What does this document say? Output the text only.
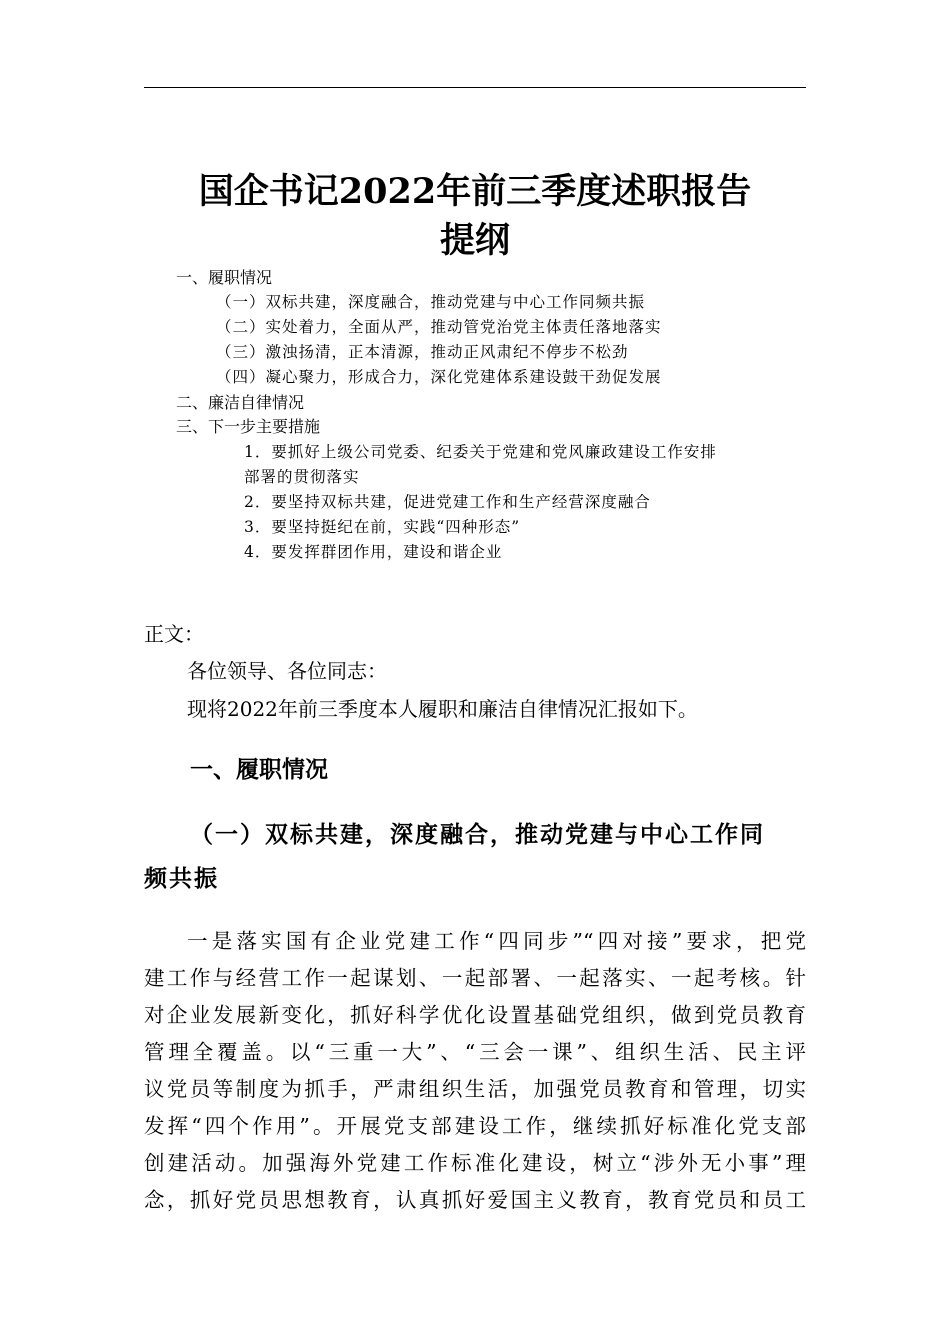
国企书记2022年前三季度述职报告
提纲
一、履职情况
（一）双标共建，深度融合，推动党建与中心工作同频共振
（二）实处着力，全面从严，推动管党治党主体责任落地落实
（三）激浊扬清，正本清源，推动正风肃纪不停步不松劲
（四）凝心聚力，形成合力，深化党建体系建设鼓干劲促发展
二、廉洁自律情况
三、下一步主要措施
1．要抓好上级公司党委、纪委关于党建和党风廉政建设工作安排
部署的贯彻落实
2．要坚持双标共建，促进党建工作和生产经营深度融合
3．要坚持挺纪在前，实践“四种形态”
4．要发挥群团作用，建设和谐企业
正文：
各位领导、各位同志：
现将2022年前三季度本人履职和廉洁自律情况汇报如下。
一、履职情况
（一）双标共建，深度融合，推动党建与中心工作同
频共振
一是落实国有企业党建工作“四同步”“四对接”要求，把党
建工作与经营工作一起谋划、一起部署、一起落实、一起考核。针
对企业发展新变化，抓好科学优化设置基础党组织，做到党员教育
管理全覆盖。以“三重一大”、“三会一课”、组织生活、民主评
议党员等制度为抓手，严肃组织生活，加强党员教育和管理，切实
发挥“四个作用”。开展党支部建设工作，继续抓好标准化党支部
创建活动。加强海外党建工作标准化建设，树立“涉外无小事”理
念，抓好党员思想教育，认真抓好爱国主义教育，教育党员和员工
